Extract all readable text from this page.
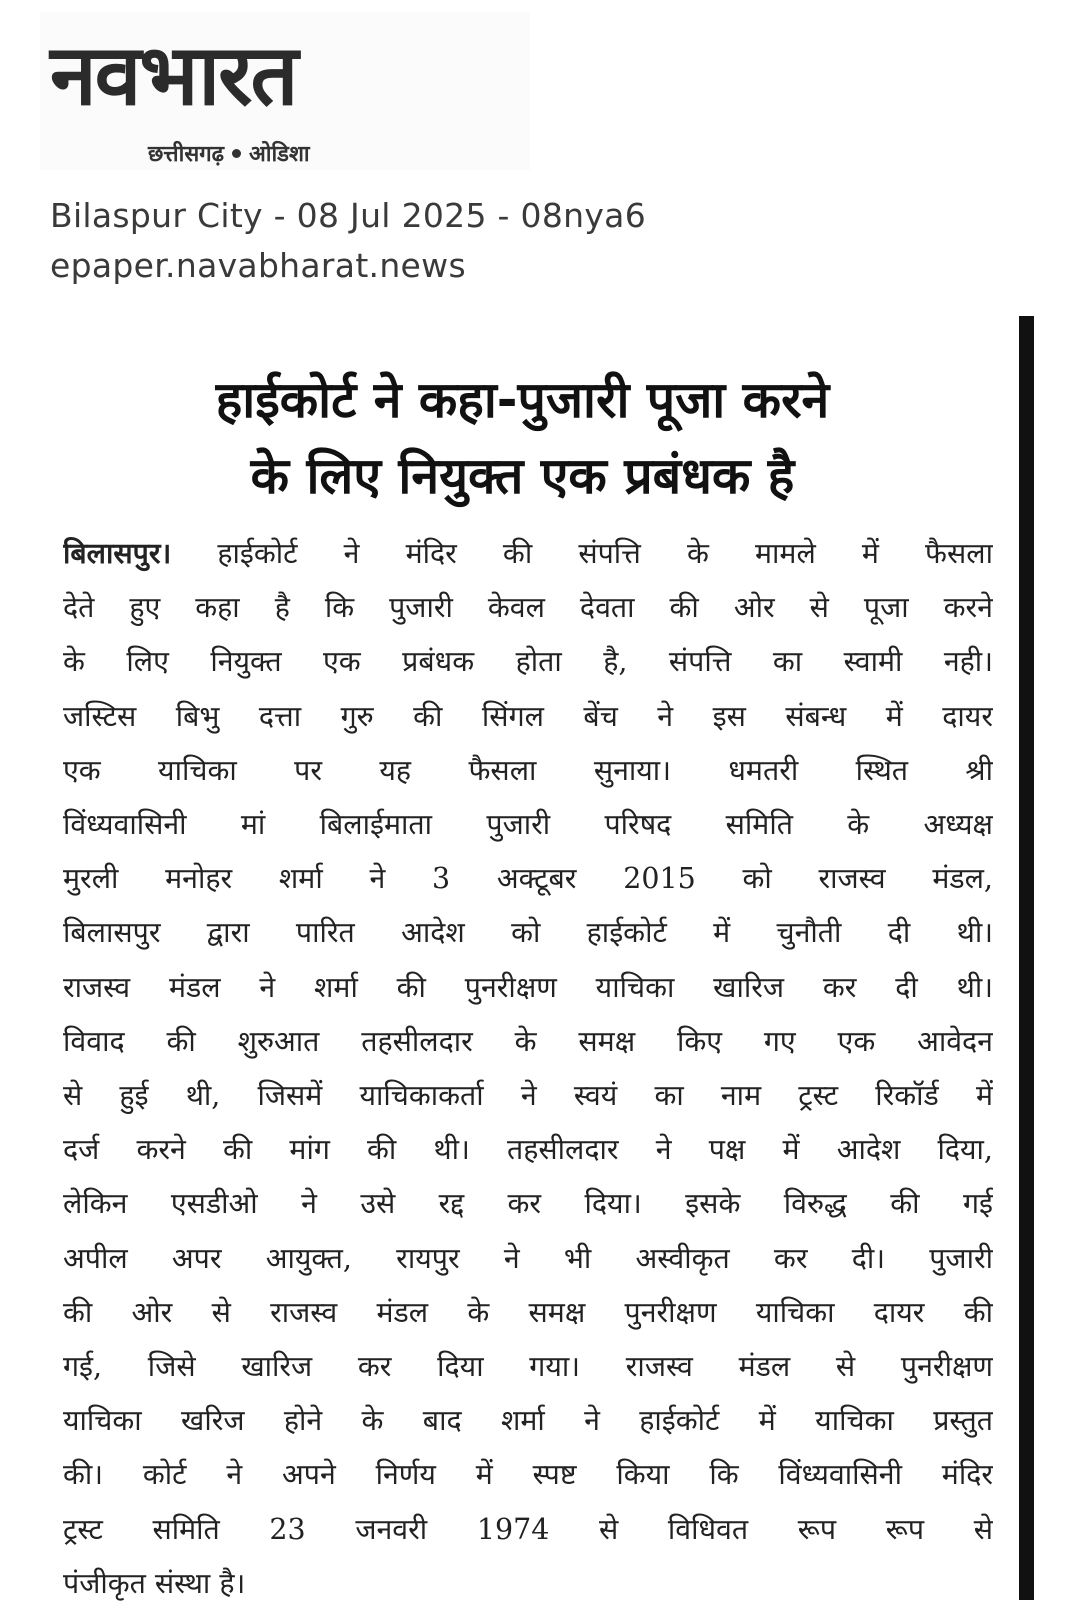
नवभारत
छत्तीसगढ़ ओडिशा
Bilaspur City - 08 Jul 2025 - 08nya6
epaper.navabharat.news
हाईकोर्ट ने कहा-पुजारी पूजा करने
के लिए नियुक्त एक प्रबंधक है
बिलासपुर। हाईकोर्ट ने मंदिर की संपत्ति के मामले में फैसला
देते हुए कहा है कि पुजारी केवल देवता की ओर से पूजा करने
के लिए नियुक्त एक प्रबंधक होता है, संपत्ति का स्वामी नही।
जस्टिस बिभु दत्ता गुरु की सिंगल बेंच ने इस संबन्ध में दायर
एक याचिका पर यह फैसला सुनाया। धमतरी स्थित श्री
विंध्यवासिनी मां बिलाईमाता पुजारी परिषद समिति के अध्यक्ष
मुरली मनोहर शर्मा ने 3 अक्टूबर 2015 को राजस्व मंडल,
बिलासपुर द्वारा पारित आदेश को हाईकोर्ट में चुनौती दी थी।
राजस्व मंडल ने शर्मा की पुनरीक्षण याचिका खारिज कर दी थी।
विवाद की शुरुआत तहसीलदार के समक्ष किए गए एक आवेदन
से हुई थी, जिसमें याचिकाकर्ता ने स्वयं का नाम ट्रस्ट रिकॉर्ड में
दर्ज करने की मांग की थी। तहसीलदार ने पक्ष में आदेश दिया,
लेकिन एसडीओ ने उसे रद्द कर दिया। इसके विरुद्ध की गई
अपील अपर आयुक्त, रायपुर ने भी अस्वीकृत कर दी। पुजारी
की ओर से राजस्व मंडल के समक्ष पुनरीक्षण याचिका दायर की
गई, जिसे खारिज कर दिया गया। राजस्व मंडल से पुनरीक्षण
याचिका खरिज होने के बाद शर्मा ने हाईकोर्ट में याचिका प्रस्तुत
की। कोर्ट ने अपने निर्णय में स्पष्ट किया कि विंध्यवासिनी मंदिर
ट्रस्ट समिति 23 जनवरी 1974 से विधिवत रूप रूप से
पंजीकृत संस्था है।
